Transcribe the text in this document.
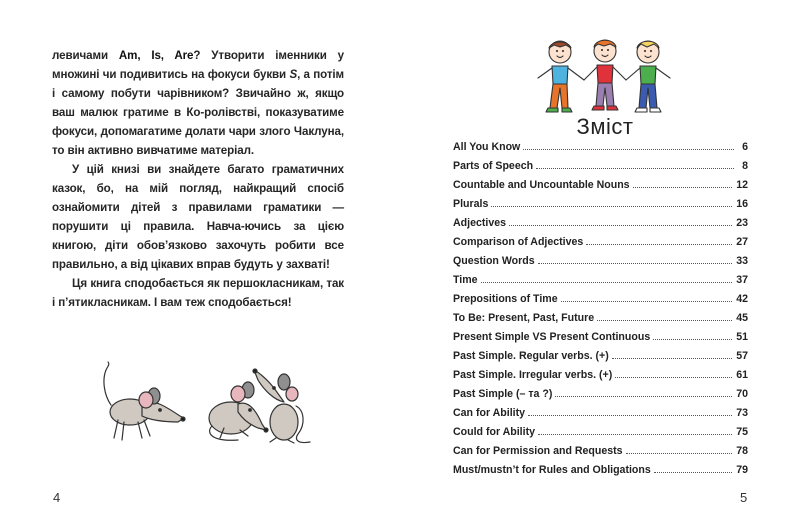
левичами Am, Is, Are? Утворити іменники у множині чи подивитись на фокуси букви S, а потім і самому побути чарівником? Звичайно ж, якщо ваш малюк гратиме в Ко-ролівстві, показуватиме фокуси, допомагатиме долати чари злого Чаклуна, то він активно вивчатиме матеріал.

У цій книзі ви знайдете багато граматичних казок, бо, на мій погляд, найкращий спосіб ознайомити дітей з правилами граматики — порушити ці правила. Навча-ючись за цією книгою, діти обов’язково захочуть робити все правильно, а від цікавих вправ будуть у захваті!

Ця книга сподобається як першокласникам, так і п’ятикласникам. І вам теж сподобається!

4
Зміст
All You Know	6
Parts of Speech	8
Countable and Uncountable Nouns	12
Plurals	16
Adjectives	23
Comparison of Adjectives	27
Question Words	33
Time	37
Prepositions of Time	42
To Be: Present, Past, Future	45
Present Simple VS Present Continuous	51
Past Simple. Regular verbs. (+)	57
Past Simple. Irregular verbs. (+)	61
Past Simple (– та ?)	70
Can for Ability	73
Could for Ability	75
Can for Permission and Requests	78
Must/mustn’t for Rules and Obligations	79
5
